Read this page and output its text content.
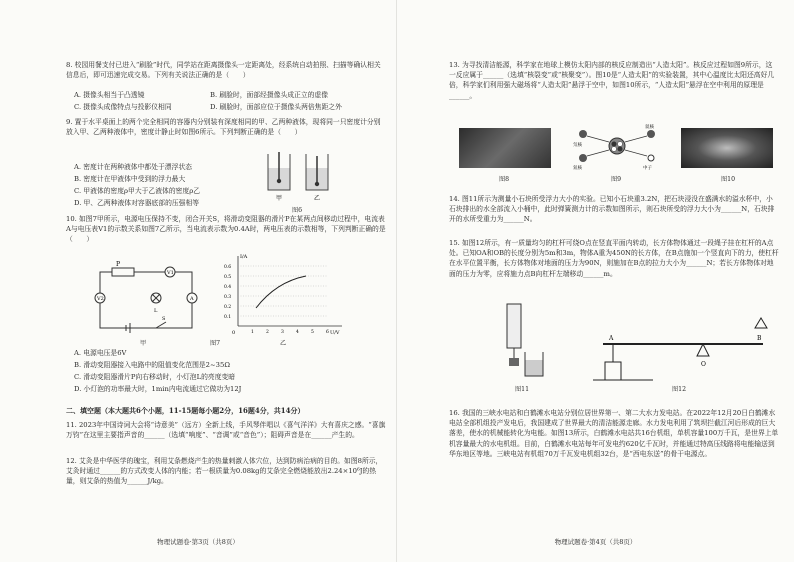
8. 校园用餐支付已进入“刷脸”时代，同学站在距离摄像头一定距离处，经系统自动拍照、扫描等确认相关信息后，即可迅速完成交易。下列有关说法正确的是（　　）
A. 摄像头相当于凸透镜	B. 刷脸时，面部经摄像头成正立的虚像
C. 摄像头成像特点与投影仪相同	D. 刷脸时，面部应位于摄像头两倍焦距之外
9. 置于水平桌面上的两个完全相同的容器内分别装有深度相同的甲、乙两种液体，现将同一只密度计分别放入甲、乙两种液体中，密度计静止时如图6所示。下列判断正确的是（　　）
A. 密度计在两种液体中都处于漂浮状态
B. 密度计在甲液体中受到的浮力最大
C. 甲液体的密度ρ甲大于乙液体的密度ρ乙
D. 甲、乙两种液体对容器底部的压强相等
甲	乙
图6
10. 如图7甲所示，电源电压保持不变，闭合开关S，将滑动变阻器的滑片P在某两点间移动过程中，电流表A与电压表V1的示数关系如图7乙所示，当电流表示数为0.4A时，两电压表的示数相等，下列判断正确的是（　　）
P
V1
A
L
V2
S
I/A
U/V
0
0.6
0.5
0.4
0.3
0.2
0.1
1	2	3	4	5	6
甲	乙
图7
A. 电源电压是6V
B. 滑动变阻器接入电路中的阻值变化范围是2~35Ω
C. 滑动变阻器滑片P向右移动时，小灯泡L的亮度变暗
D. 小灯泡的功率最大时，1min内电流通过它做功为12J
二、填空题（本大题共6个小题，11-15题每小题2分，16题4分，共14分）
11. 2023年中国诗词大会将“诗意美”（远方）全新上线，手风琴伴唱以《喜气洋洋》大有喜庆之感。“喜旗万钧”在这里主要指声音的______（选填“响度”、“音调”或“音色”）；阻碍声音是在______产生的。
12. 艾灸是中华医学的瑰宝，利用艾条燃烧产生的热量刺激人体穴位，达到防病治病的目的。如图8所示，艾灸时通过______的方式改变人体的内能；若一根质量为0.08kg的艾条完全燃烧能放出2.24×10⁶J的热量，则艾条的热值为______J/kg。
物理试题卷·第3页（共8页）
13. 为寻找清洁能源，科学家在地球上模仿太阳内部的核反应制造出“人造太阳”。核反应过程如图9所示，这一反应属于______（选填“核裂变”或“核聚变”）。图10是“人造太阳”的实验装置，其中心温度比太阳还高好几倍，科学家们利用强大磁场将“人造太阳”悬浮于空中，如图10所示，“人造太阳”悬浮在空中利用的原理是______。
氘核
氚核
氦核
中子
图8	图9	图10
14. 图11所示为测量小石块所受浮力大小的实验。已知小石块重3.2N，把石块浸没在盛满水的溢水杯中，小石块排出的水全部流入小桶中，此时弹簧测力计的示数如图所示，则石块所受的浮力大小为______N，石块排开的水所受重力为______N。
15. 如图12所示，有一质量均匀的杠杆可绕O点在竖直平面内转动，长方体物体通过一段绳子挂在杠杆的A点处。已知OA和OB的长度分别为5m和3m，物体A重为450N的长方体，在B点施加一个竖直向下的力，使杠杆在水平位置平衡，长方体物体对地面的压力为90N，则施加在B点的拉力大小为______N；若长方体物体对地面的压力为零，应将施力点B向杠杆左端移动______m。
图11
A
O
B
图12
16. 我国的三峡水电站和白鹤滩水电站分别位居世界第一、第二大水力发电站。在2022年12月20日白鹤滩水电站全部机组投产发电后，我国建成了世界最大的清洁能源走廊。水力发电利用了筑坝拦截江河后形成的巨大落差，使水的机械能转化为电能。如图13所示，白鹤滩水电站共16台机组，单机容量100万千瓦，是世界上单机容量最大的水电机组。目前，白鹤滩水电站每年可发电约620亿千瓦时，并能通过特高压线路将电能输送到华东地区等地。三峡电站有机组70万千瓦发电机组32台，是“西电东送”的骨干电源点。
物理试题卷·第4页（共8页）
